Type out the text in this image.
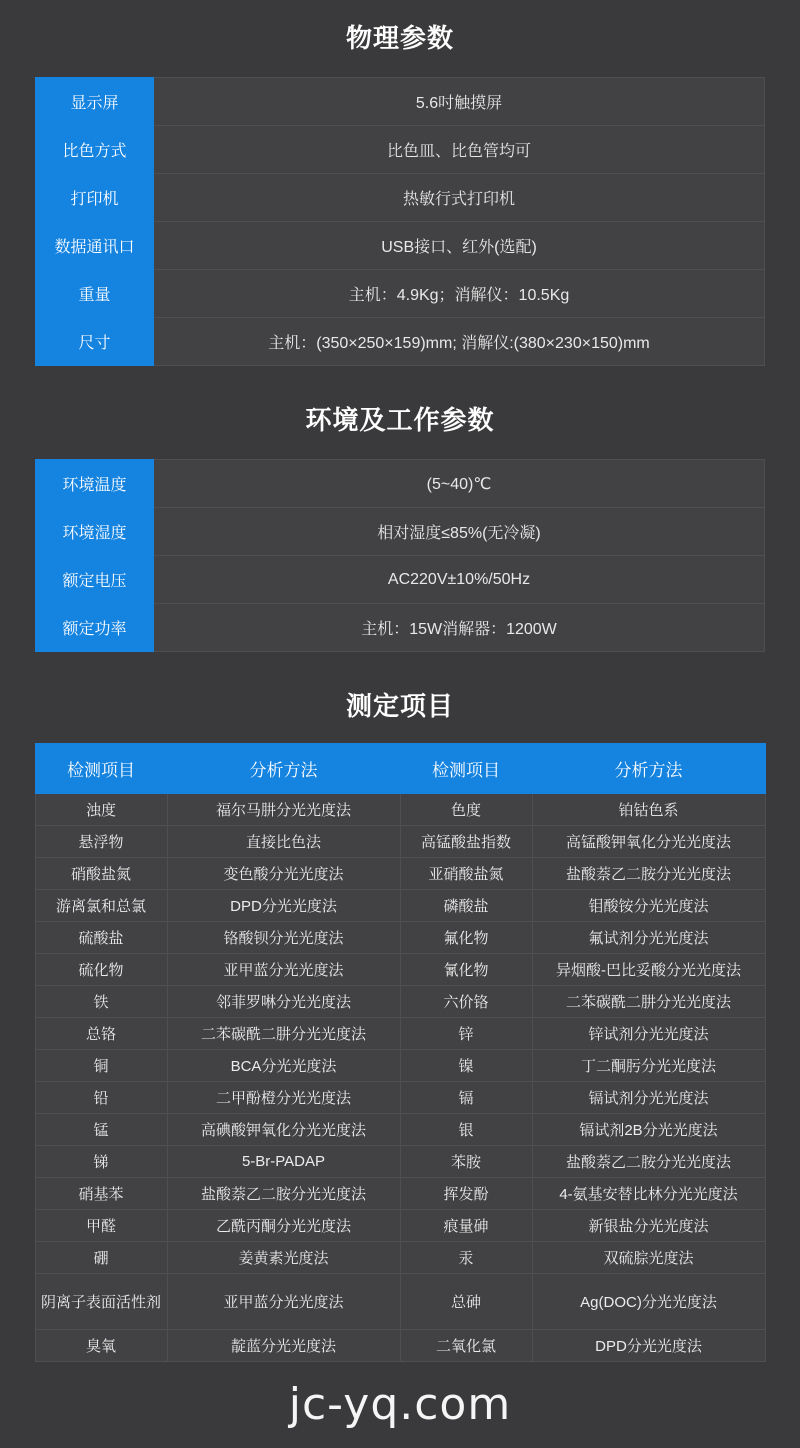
物理参数
显示屏	5.6吋触摸屏
比色方式	比色皿、比色管均可
打印机	热敏行式打印机
数据通讯口	USB接口、红外(选配)
重量	主机：4.9Kg；消解仪：10.5Kg
尺寸	主机：(350×250×159)mm; 消解仪:(380×230×150)mm
环境及工作参数
环境温度	(5~40)℃
环境湿度	相对湿度≤85%(无冷凝)
额定电压	AC220V±10%/50Hz
额定功率	主机：15W消解器：1200W
测定项目
检测项目	分析方法	检测项目	分析方法
浊度	福尔马肼分光光度法	色度	铂钴色系
悬浮物	直接比色法	高锰酸盐指数	高锰酸钾氧化分光光度法
硝酸盐氮	变色酸分光光度法	亚硝酸盐氮	盐酸萘乙二胺分光光度法
游离氯和总氯	DPD分光光度法	磷酸盐	钼酸铵分光光度法
硫酸盐	铬酸钡分光光度法	氟化物	氟试剂分光光度法
硫化物	亚甲蓝分光光度法	氰化物	异烟酸-巴比妥酸分光光度法
铁	邻菲罗啉分光光度法	六价铬	二苯碳酰二肼分光光度法
总铬	二苯碳酰二肼分光光度法	锌	锌试剂分光光度法
铜	BCA分光光度法	镍	丁二酮肟分光光度法
铅	二甲酚橙分光光度法	镉	镉试剂分光光度法
锰	高碘酸钾氧化分光光度法	银	镉试剂2B分光光度法
锑	5-Br-PADAP	苯胺	盐酸萘乙二胺分光光度法
硝基苯	盐酸萘乙二胺分光光度法	挥发酚	4-氨基安替比林分光光度法
甲醛	乙酰丙酮分光光度法	痕量砷	新银盐分光光度法
硼	姜黄素光度法	汞	双硫腙光度法
阴离子表面活性剂	亚甲蓝分光光度法	总砷	Ag(DOC)分光光度法
臭氧	靛蓝分光光度法	二氧化氯	DPD分光光度法
jc-yq.com
